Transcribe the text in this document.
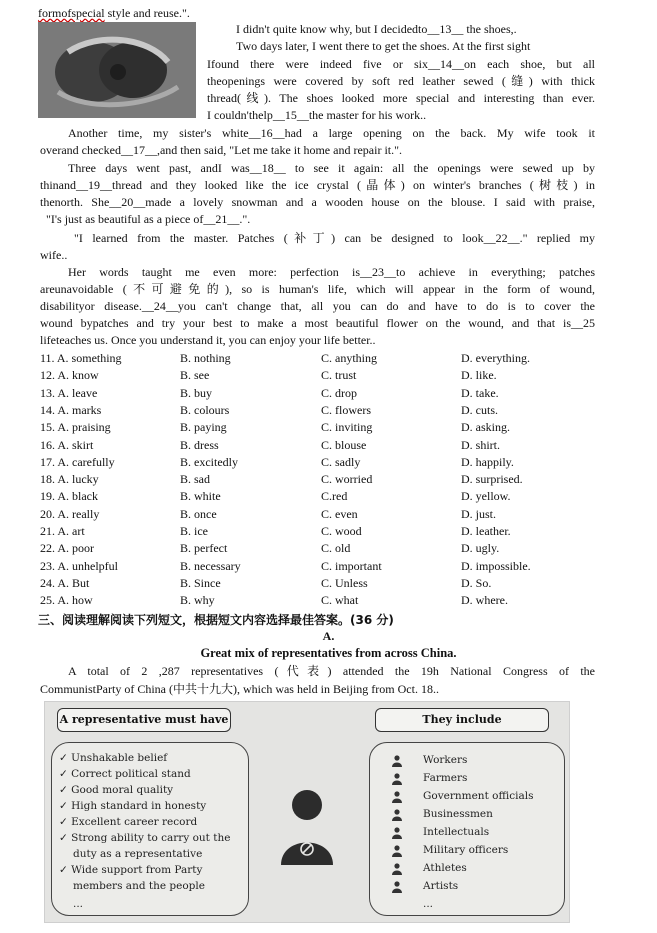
formofspecial style and reuse.".
I didn't quite know why, but I decidedto__13__ the shoes,.
Two days later, I went there to get the shoes. At the first sight
Ifound there were indeed five or six__14__on each shoe, but all
theopenings were covered by soft red leather sewed (缝) with thick
thread(线). The shoes looked more special and interesting than ever.
I couldn'thelp__15__the master for his work..
Another time, my sister's white__16__had a large opening on the back. My wife took it
overand checked__17__,and then said, "Let me take it home and repair it.".
Three days went past, andI was__18__ to see it again: all the openings were sewed up by
thinand__19__thread and they looked like the ice crystal (晶体) on winter's branches (树枝) in
thenorth. She__20__made a lovely snowman and a wooden house on the blouse. I said with praise,
"I's just as beautiful as a piece of__21__.".
"I learned from the master. Patches (补丁) can be designed to look__22__." replied my
wife..
Her words taught me even more: perfection is__23__to achieve in everything; patches
areunavoidable (不可避免的), so is human's life, which will appear in the form of wound,
disabilityor disease.__24__you can't change that, all you can do and have to do is to cover the
wound bypatches and try your best to make a most beautiful flower on the wound, and that is__25
lifeteaches us. Once you understand it, you can enjoy your life better..
11. A. something	B. nothing	C. anything	D. everything.
12. A. know	B. see	C. trust	D. like.
13. A. leave	B. buy	C. drop	D. take.
14. A. marks	B. colours	C. flowers	D. cuts.
15. A. praising	B. paying	C. inviting	D. asking.
16. A. skirt	B. dress	C. blouse	D. shirt.
17. A. carefully	B. excitedly	C. sadly	D. happily.
18. A. lucky	B. sad	C. worried	D. surprised.
19. A. black	B. white	C.red	D. yellow.
20. A. really	B. once	C. even	D. just.
21. A. art	B. ice	C. wood	D. leather.
22. A. poor	B. perfect	C. old	D. ugly.
23. A. unhelpful	B. necessary	C. important	D. impossible.
24. A. But	B. Since	C. Unless	D. So.
25. A. how	B. why	C. what	D. where.
三、阅读理解阅读下列短文，根据短文内容选择最佳答案。(36 分)
A.
Great mix of representatives from across China.
A total of 2 ,287 representatives (代表) attended the 19h National Congress of the
CommunistParty of China (中共十九大), which was held in Beijing from Oct. 18..
A representative must have	They include
✓ Unshakable belief
✓ Correct political stand
✓ Good moral quality
✓ High standard in honesty
✓ Excellent career record
✓ Strong ability to carry out the
duty as a representative
✓ Wide support from Party
members and the people
...
Workers
Farmers
Government officials
Businessmen
Intellectuals
Military officers
Athletes
Artists
...
